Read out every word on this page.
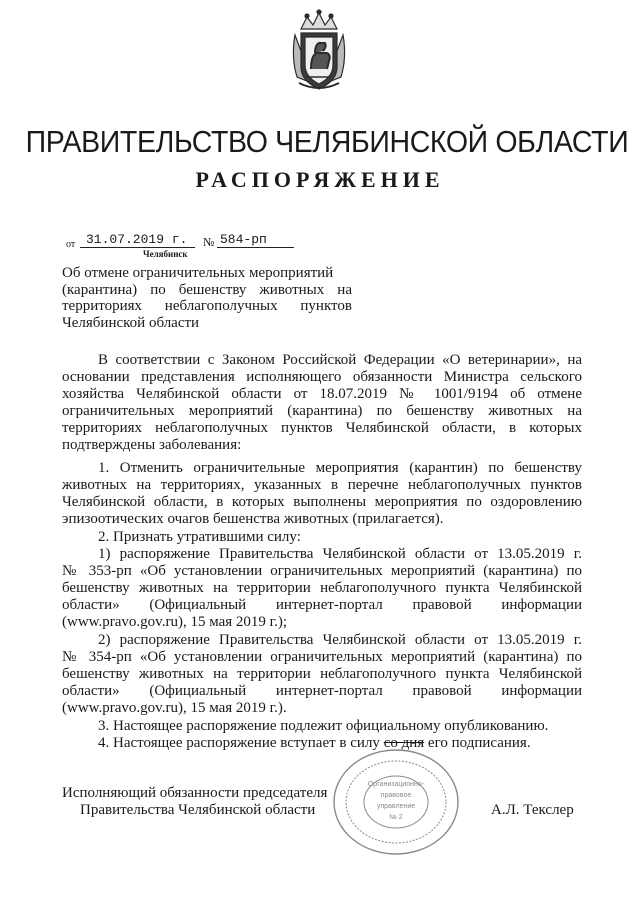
ПРАВИТЕЛЬСТВО ЧЕЛЯБИНСКОЙ ОБЛАСТИ
РАСПОРЯЖЕНИЕ
от 31.07.2019 г. № 584-рп
Челябинск
Об отмене ограничительных мероприятий
(карантина) по бешенству животных на
территориях неблагополучных пунктов
Челябинской области
В соответствии с Законом Российской Федерации «О ветеринарии», на
основании представления исполняющего обязанности Министра сельского
хозяйства Челябинской области от 18.07.2019 № 1001/9194 об отмене
ограничительных мероприятий (карантина) по бешенству животных на
территориях неблагополучных пунктов Челябинской области, в которых
подтверждены заболевания:
1. Отменить ограничительные мероприятия (карантин) по бешенству
животных на территориях, указанных в перечне неблагополучных пунктов
Челябинской области, в которых выполнены мероприятия по оздоровлению
эпизоотических очагов бешенства животных (прилагается).
2. Признать утратившими силу:
1) распоряжение Правительства Челябинской области от 13.05.2019 г.
№ 353-рп «Об установлении ограничительных мероприятий (карантина) по
бешенству животных на территории неблагополучного пункта Челябинской
области» (Официальный интернет-портал правовой информации
(www.pravo.gov.ru), 15 мая 2019 г.);
2) распоряжение Правительства Челябинской области от 13.05.2019 г.
№ 354-рп «Об установлении ограничительных мероприятий (карантина) по
бешенству животных на территории неблагополучного пункта Челябинской
области» (Официальный интернет-портал правовой информации
(www.pravo.gov.ru), 15 мая 2019 г.).
3. Настоящее распоряжение подлежит официальному опубликованию.
4. Настоящее распоряжение вступает в силу со дня его подписания.
Исполняющий обязанности председателя
Правительства Челябинской области	А.Л. Текслер
Организационно-
правовое
управление
№ 2
